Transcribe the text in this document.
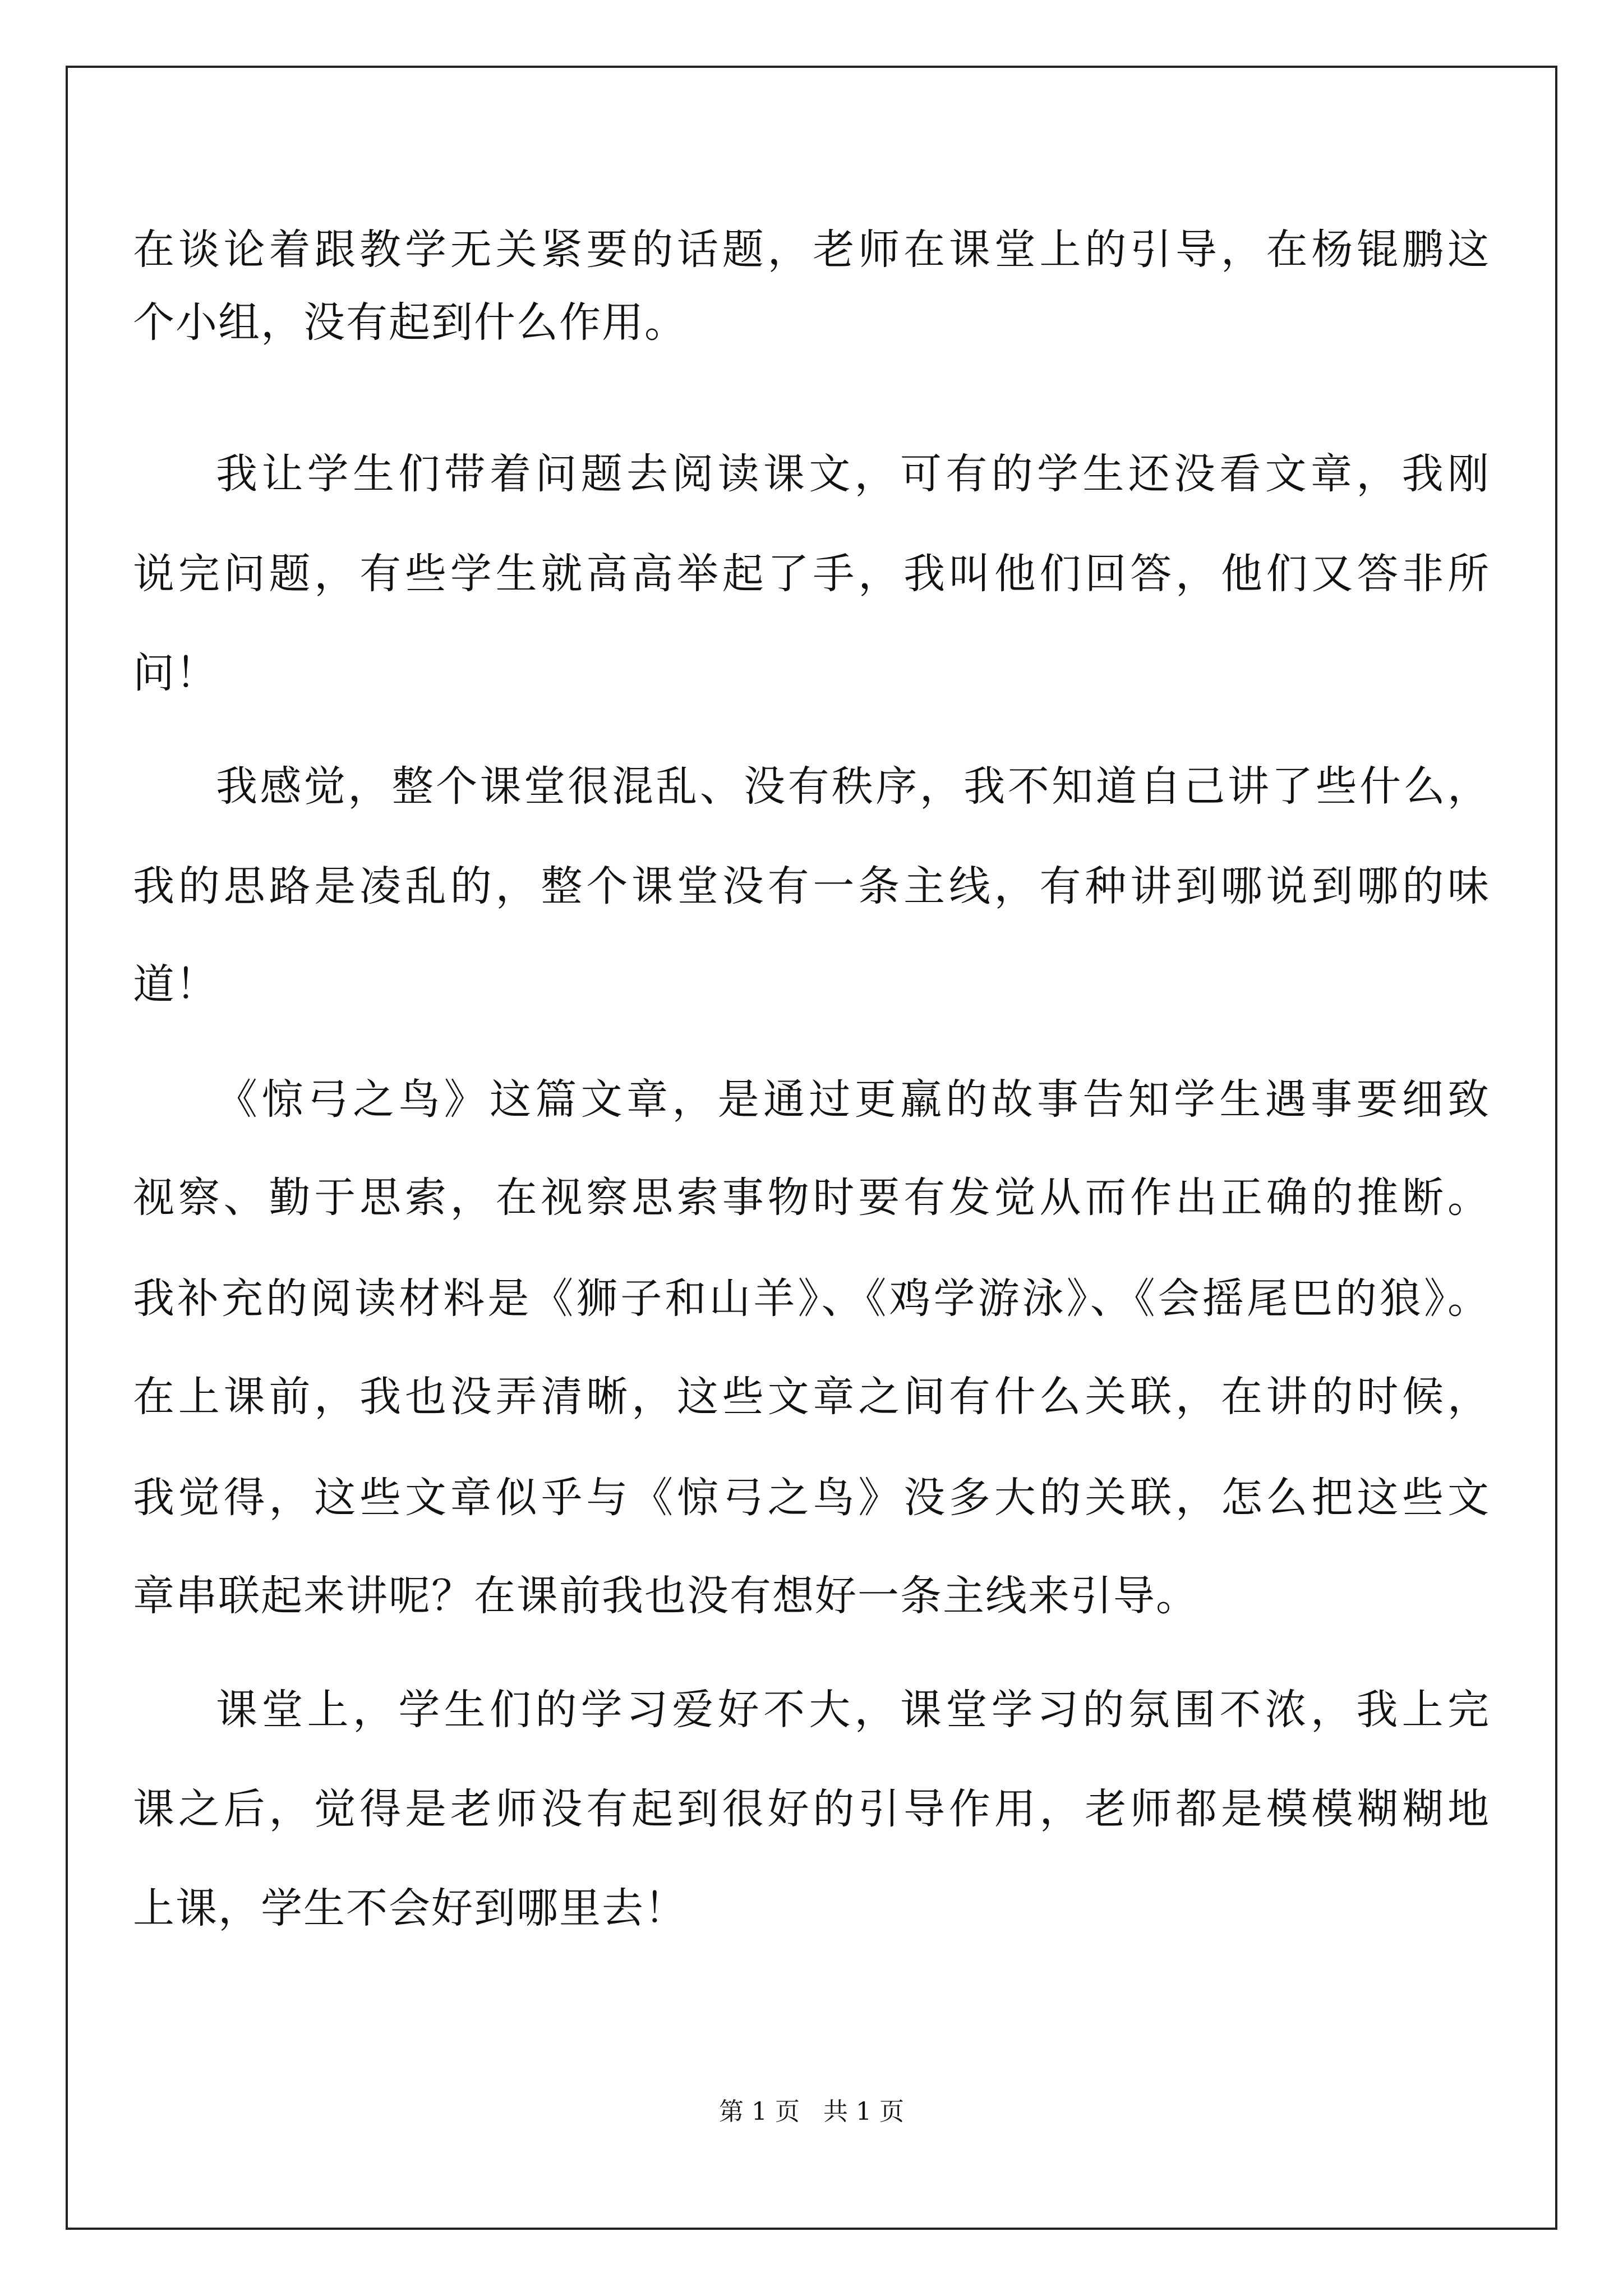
在谈论着跟教学无关紧要的话题，老师在课堂上的引导，在杨锟鹏这
个小组，没有起到什么作用。
我让学生们带着问题去阅读课文，可有的学生还没看文章，我刚
说完问题，有些学生就高高举起了手，我叫他们回答，他们又答非所
问！
我感觉，整个课堂很混乱、没有秩序，我不知道自己讲了些什么，
我的思路是凌乱的，整个课堂没有一条主线，有种讲到哪说到哪的味
道！
《惊弓之鸟》这篇文章，是通过更羸的故事告知学生遇事要细致
视察、勤于思索，在视察思索事物时要有发觉从而作出正确的推断。
我补充的阅读材料是《狮子和山羊》、《鸡学游泳》、《会摇尾巴的狼》。
在上课前，我也没弄清晰，这些文章之间有什么关联，在讲的时候，
我觉得，这些文章似乎与《惊弓之鸟》没多大的关联，怎么把这些文
章串联起来讲呢？在课前我也没有想好一条主线来引导。
课堂上，学生们的学习爱好不大，课堂学习的氛围不浓，我上完
课之后，觉得是老师没有起到很好的引导作用，老师都是模模糊糊地
上课，学生不会好到哪里去！
第 1 页   共 1 页
